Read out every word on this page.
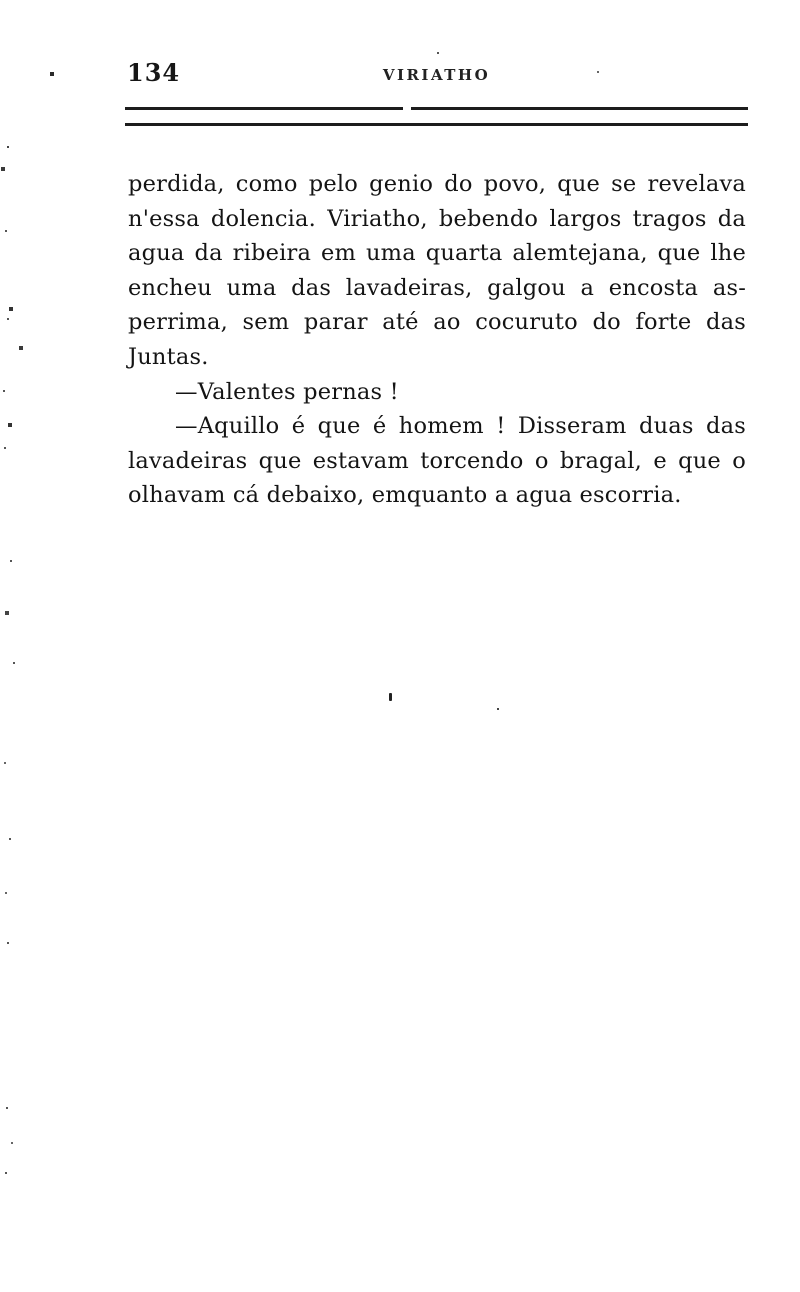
134	VIRIATHO
perdida, como pelo genio do povo, que se revelava
n'essa dolencia. Viriatho, bebendo largos tragos da
agua da ribeira em uma quarta alemtejana, que lhe
encheu uma das lavadeiras, galgou a encosta as-
perrima, sem parar até ao cocuruto do forte das
Juntas.
—Valentes pernas !
—Aquillo é que é homem ! Disseram duas das
lavadeiras que estavam torcendo o bragal, e que o
olhavam cá debaixo, emquanto a agua escorria.
